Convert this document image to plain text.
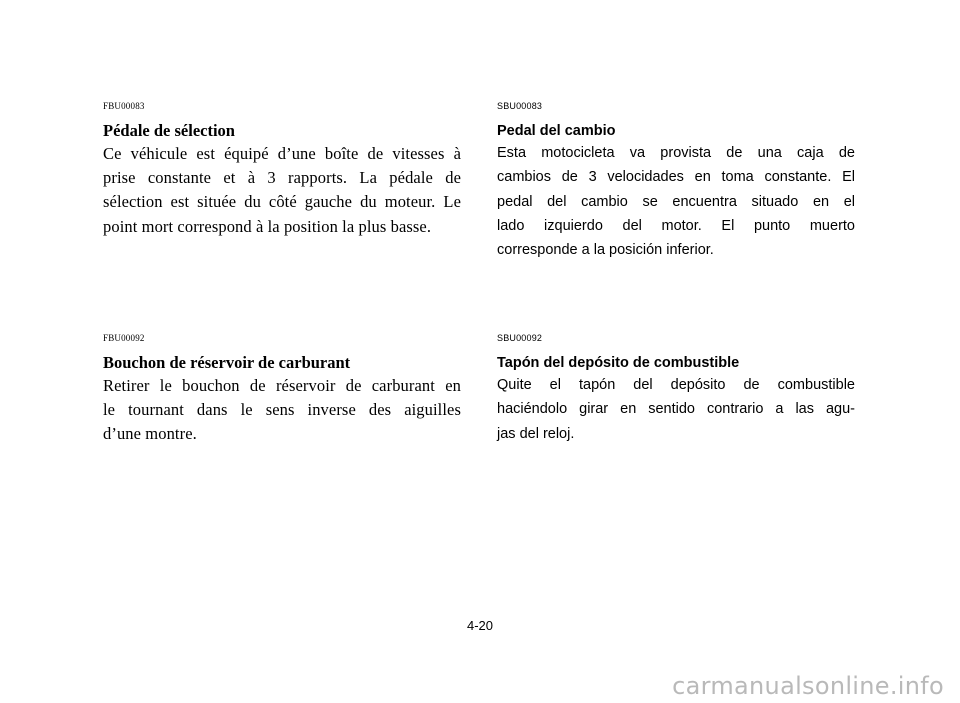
FBU00083
Pédale de sélection
Ce véhicule est équipé d’une boîte de vitesses à
prise constante et à 3 rapports. La pédale de
sélection est située du côté gauche du moteur. Le
point mort correspond à la position la plus basse.
SBU00083
Pedal del cambio
Esta motocicleta va provista de una caja de
cambios de 3 velocidades en toma constante. El
pedal del cambio se encuentra situado en el
lado izquierdo del motor. El punto muerto
corresponde a la posición inferior.
FBU00092
Bouchon de réservoir de carburant
Retirer le bouchon de réservoir de carburant en
le tournant dans le sens inverse des aiguilles
d’une montre.
SBU00092
Tapón del depósito de combustible
Quite el tapón del depósito de combustible
haciéndolo girar en sentido contrario a las agu-
jas del reloj.
4-20
carmanualsonline.info
